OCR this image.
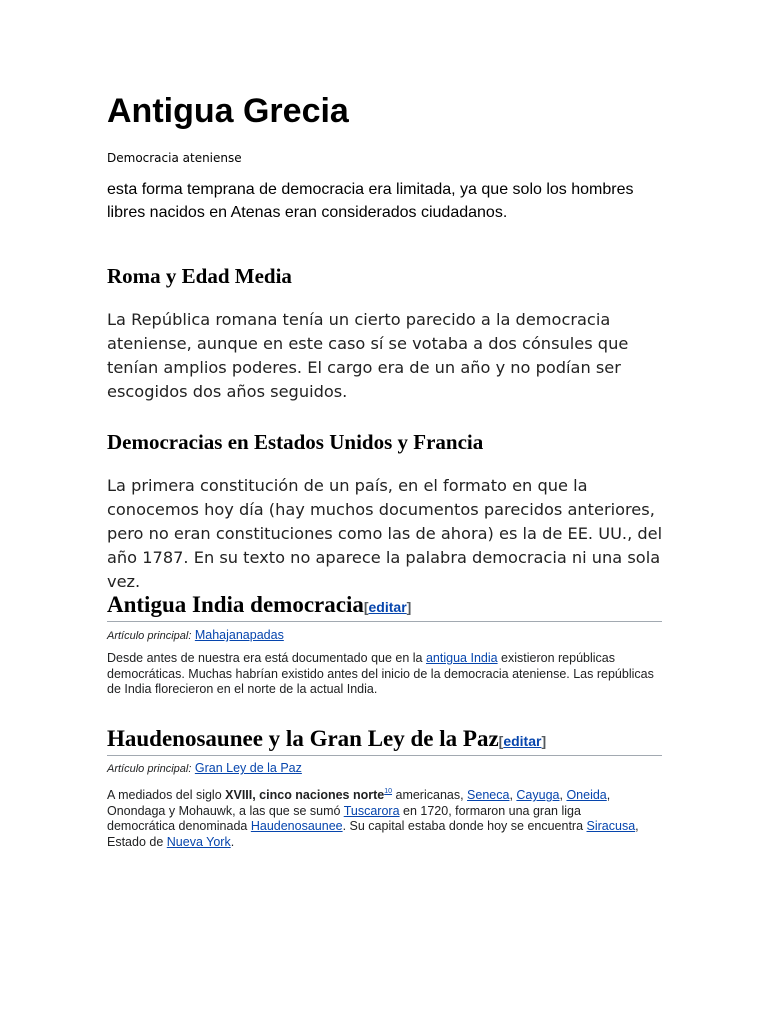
Antigua Grecia

Democracia ateniense

esta forma temprana de democracia era limitada, ya que solo los hombres libres nacidos en Atenas eran considerados ciudadanos.

Roma y Edad Media

La República romana tenía un cierto parecido a la democracia ateniense, aunque en este caso sí se votaba a dos cónsules que tenían amplios poderes. El cargo era de un año y no podían ser escogidos dos años seguidos.

Democracias en Estados Unidos y Francia

La primera constitución de un país, en el formato en que la conocemos hoy día (hay muchos documentos parecidos anteriores, pero no eran constituciones como las de ahora) es la de EE. UU., del año 1787. En su texto no aparece la palabra democracia ni una sola vez.

Antigua India democracia[editar]

Artículo principal: Mahajanapadas

Desde antes de nuestra era está documentado que en la antigua India existieron repúblicas democráticas. Muchas habrían existido antes del inicio de la democracia ateniense. Las repúblicas de India florecieron en el norte de la actual India.

Haudenosaunee y la Gran Ley de la Paz[editar]

Artículo principal: Gran Ley de la Paz

A mediados del siglo XVIII, cinco naciones norte$^{10}$ americanas, Seneca, Cayuga, Oneida, Onondaga y Mohauwk, a las que se sumó Tuscarora en 1720, formaron una gran liga democrática denominada Haudenosaunee. Su capital estaba donde hoy se encuentra Siracusa, Estado de Nueva York.
